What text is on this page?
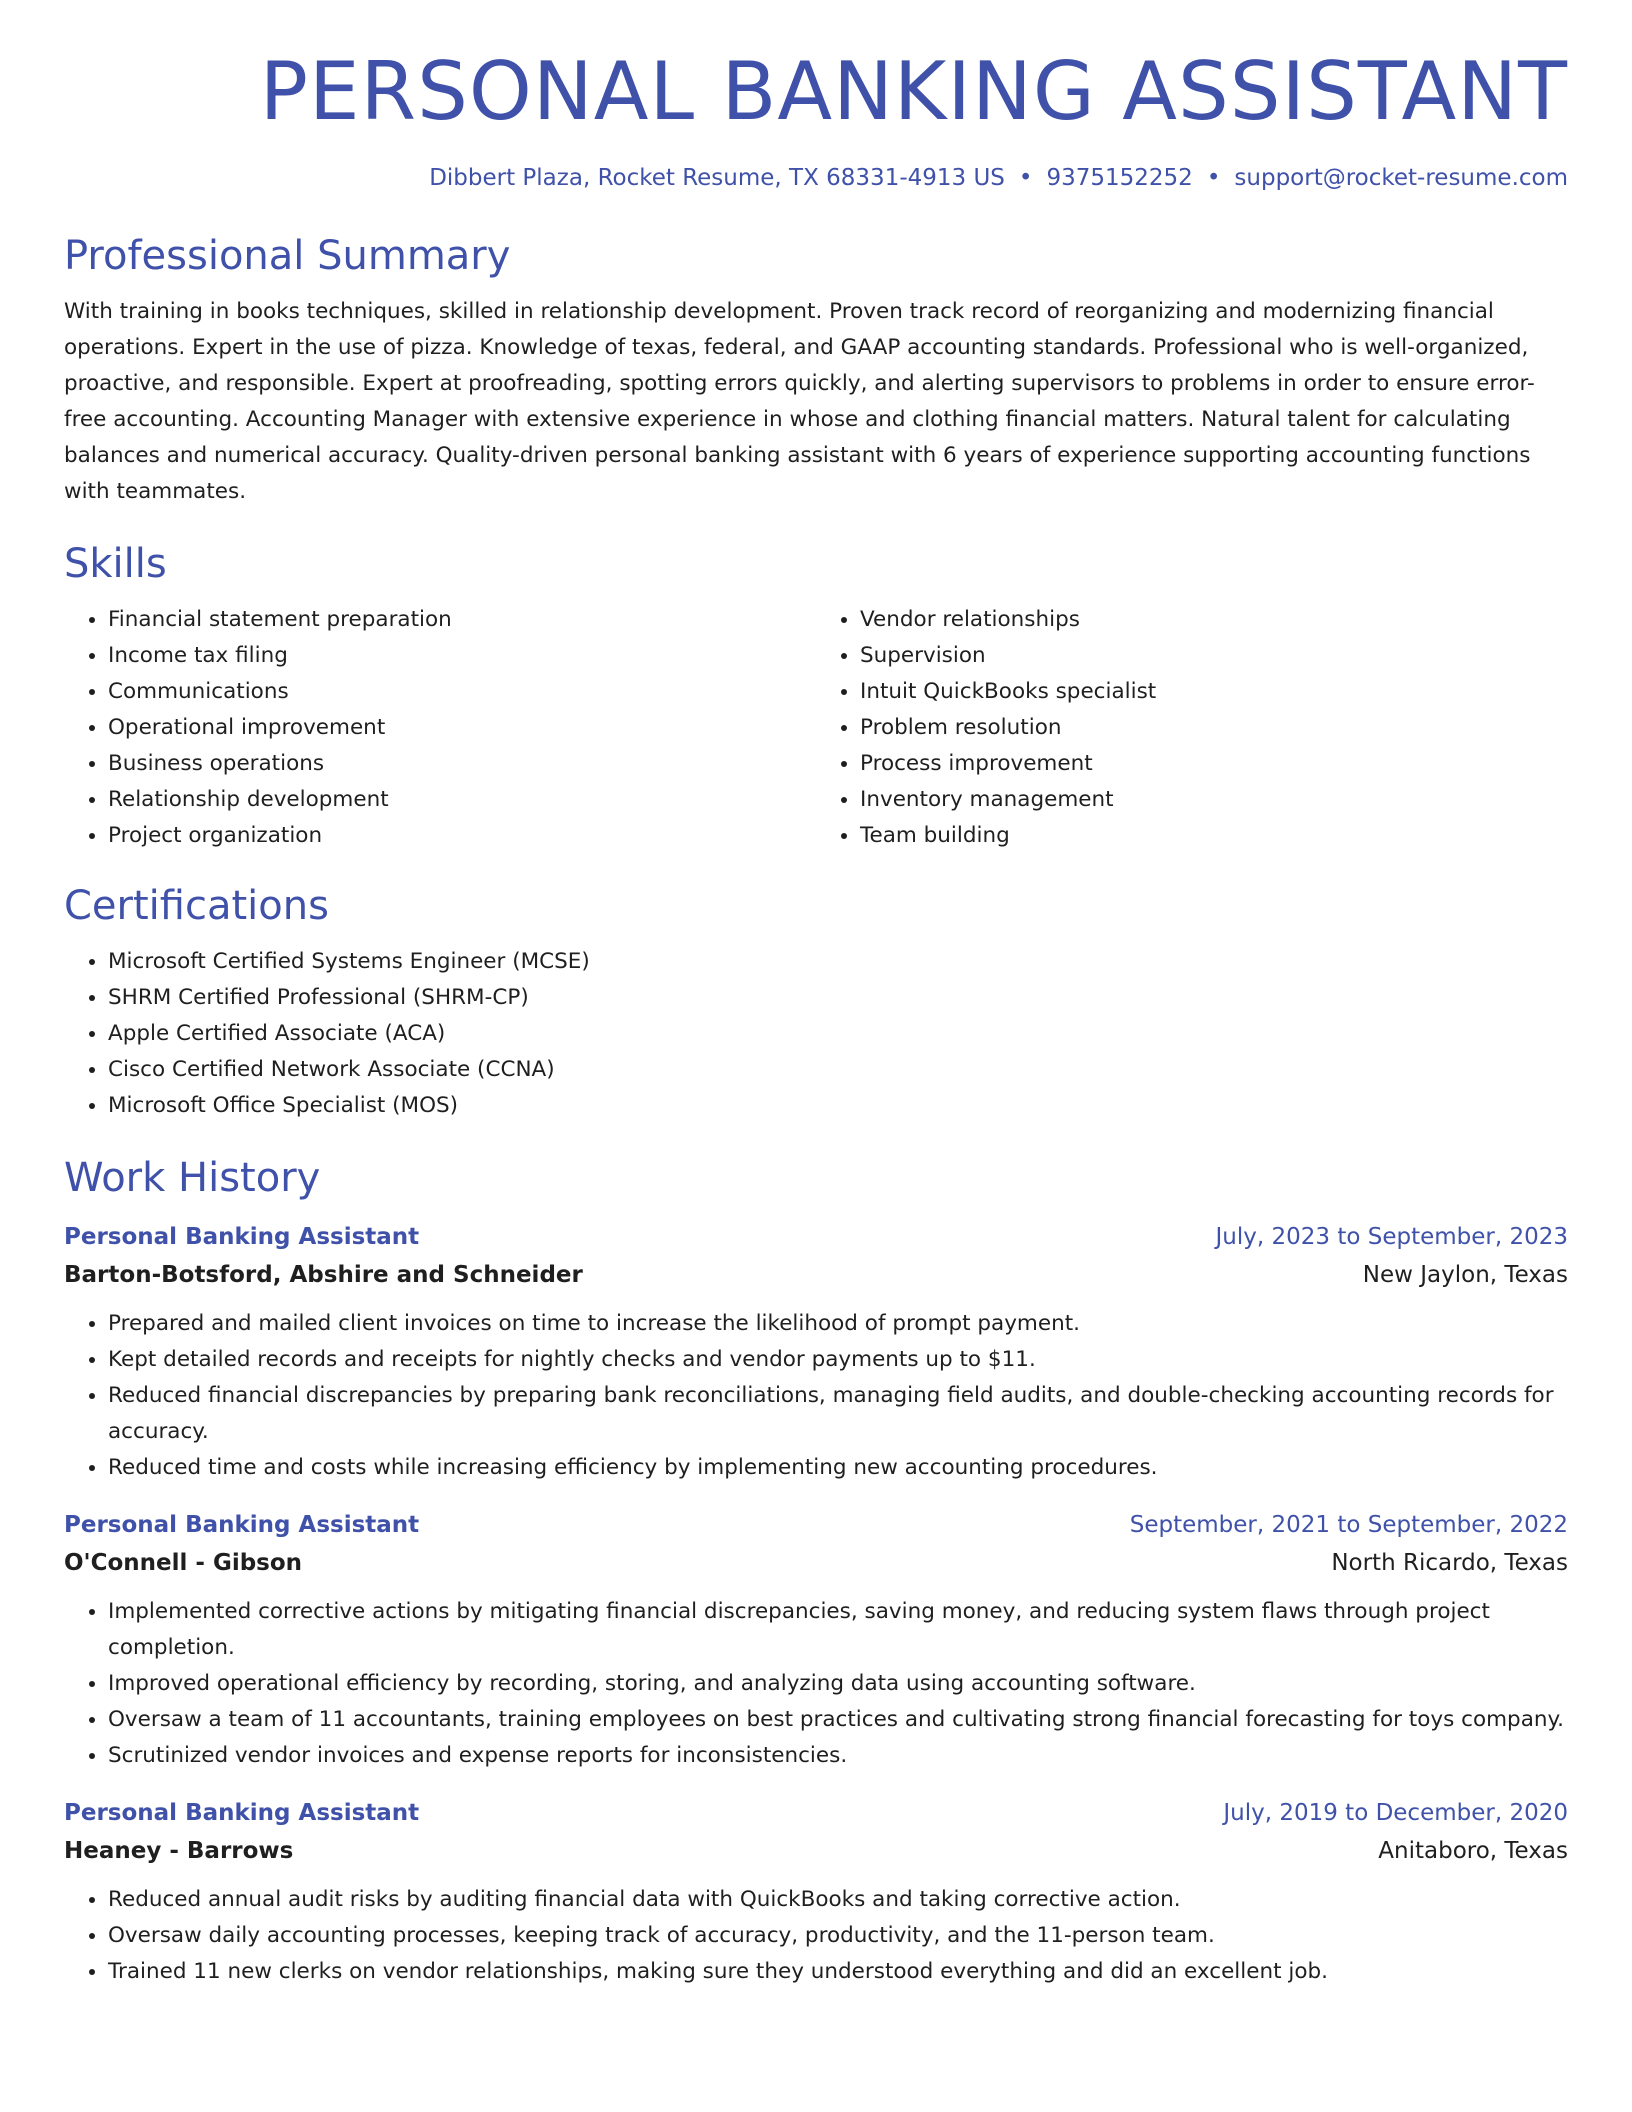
PERSONAL BANKING ASSISTANT
Dibbert Plaza, Rocket Resume, TX 68331-4913 US • 9375152252 • support@rocket-resume.com
Professional Summary

With training in books techniques, skilled in relationship development. Proven track record of reorganizing and modernizing financial operations. Expert in the use of pizza. Knowledge of texas, federal, and GAAP accounting standards. Professional who is well-organized, proactive, and responsible. Expert at proofreading, spotting errors quickly, and alerting supervisors to problems in order to ensure error-free accounting. Accounting Manager with extensive experience in whose and clothing financial matters. Natural talent for calculating balances and numerical accuracy. Quality-driven personal banking assistant with 6 years of experience supporting accounting functions with teammates.

Skills
• Financial statement preparation
• Income tax filing
• Communications
• Operational improvement
• Business operations
• Relationship development
• Project organization
• Vendor relationships
• Supervision
• Intuit QuickBooks specialist
• Problem resolution
• Process improvement
• Inventory management
• Team building
Certifications
• Microsoft Certified Systems Engineer (MCSE)
• SHRM Certified Professional (SHRM-CP)
• Apple Certified Associate (ACA)
• Cisco Certified Network Associate (CCNA)
• Microsoft Office Specialist (MOS)
Work History
Personal Banking Assistant	July, 2023 to September, 2023
Barton-Botsford, Abshire and Schneider	New Jaylon, Texas
• Prepared and mailed client invoices on time to increase the likelihood of prompt payment.
• Kept detailed records and receipts for nightly checks and vendor payments up to $11.
• Reduced financial discrepancies by preparing bank reconciliations, managing field audits, and double-checking accounting records for accuracy.
• Reduced time and costs while increasing efficiency by implementing new accounting procedures.
Personal Banking Assistant	September, 2021 to September, 2022
O'Connell - Gibson	North Ricardo, Texas
• Implemented corrective actions by mitigating financial discrepancies, saving money, and reducing system flaws through project completion.
• Improved operational efficiency by recording, storing, and analyzing data using accounting software.
• Oversaw a team of 11 accountants, training employees on best practices and cultivating strong financial forecasting for toys company.
• Scrutinized vendor invoices and expense reports for inconsistencies.
Personal Banking Assistant	July, 2019 to December, 2020
Heaney - Barrows	Anitaboro, Texas
• Reduced annual audit risks by auditing financial data with QuickBooks and taking corrective action.
• Oversaw daily accounting processes, keeping track of accuracy, productivity, and the 11-person team.
• Trained 11 new clerks on vendor relationships, making sure they understood everything and did an excellent job.
